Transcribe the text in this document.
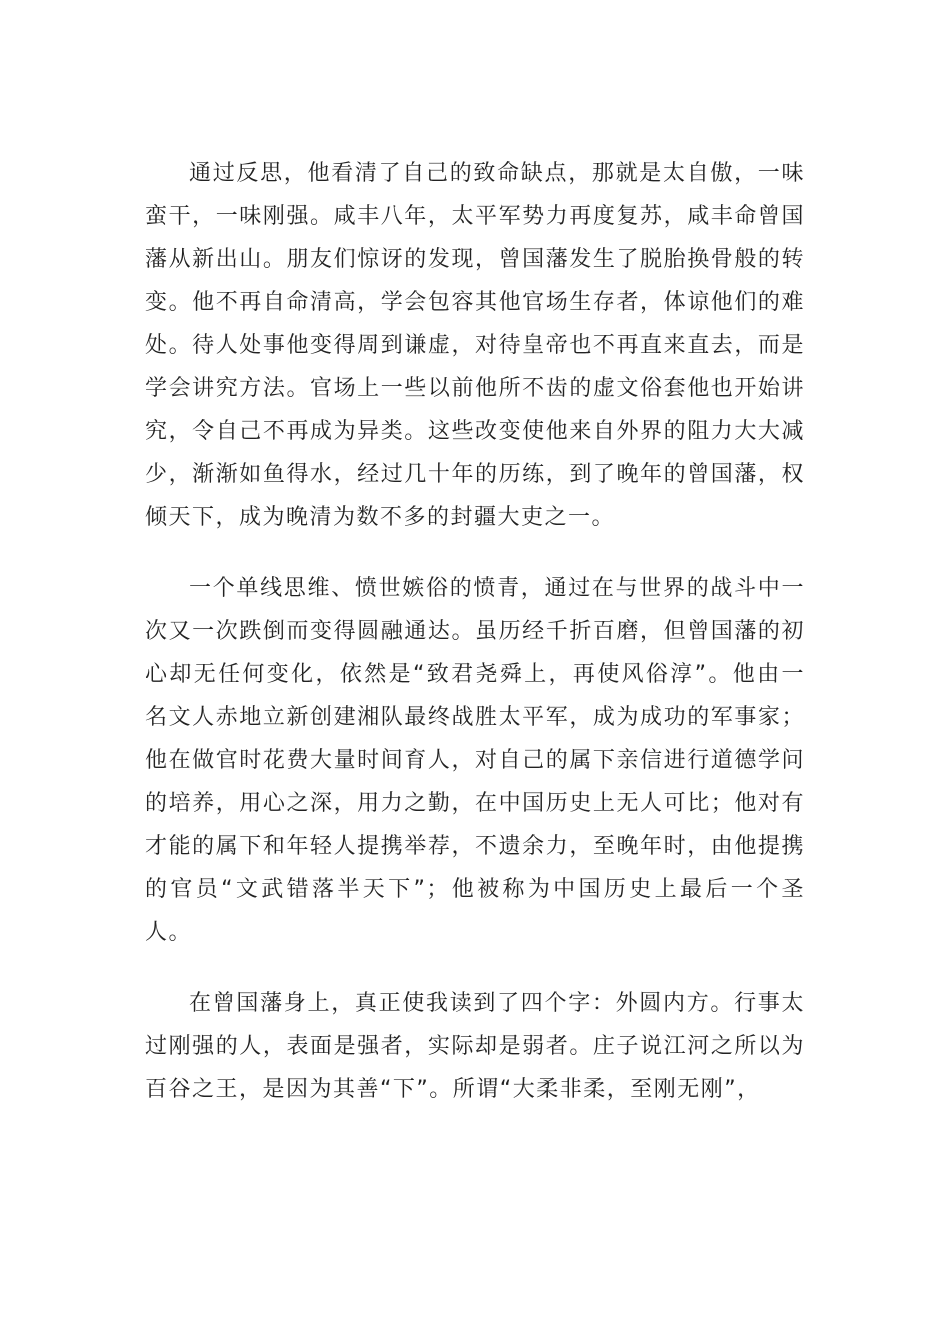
通过反思，他看清了自己的致命缺点，那就是太自傲，一味蛮干，一味刚强。咸丰八年，太平军势力再度复苏，咸丰命曾国藩从新出山。朋友们惊讶的发现，曾国藩发生了脱胎换骨般的转变。他不再自命清高，学会包容其他官场生存者，体谅他们的难处。待人处事他变得周到谦虚，对待皇帝也不再直来直去，而是学会讲究方法。官场上一些以前他所不齿的虚文俗套他也开始讲究，令自己不再成为异类。这些改变使他来自外界的阻力大大减少，渐渐如鱼得水，经过几十年的历练，到了晚年的曾国藩，权倾天下，成为晚清为数不多的封疆大吏之一。

一个单线思维、愤世嫉俗的愤青，通过在与世界的战斗中一次又一次跌倒而变得圆融通达。虽历经千折百磨，但曾国藩的初心却无任何变化，依然是“致君尧舜上，再使风俗淳”。他由一名文人赤地立新创建湘队最终战胜太平军，成为成功的军事家；他在做官时花费大量时间育人，对自己的属下亲信进行道德学问的培养，用心之深，用力之勤，在中国历史上无人可比；他对有才能的属下和年轻人提携举荐，不遗余力，至晚年时，由他提携的官员“文武错落半天下”；他被称为中国历史上最后一个圣人。

在曾国藩身上，真正使我读到了四个字：外圆内方。行事太过刚强的人，表面是强者，实际却是弱者。庄子说江河之所以为百谷之王，是因为其善“下”。所谓“大柔非柔，至刚无刚”，
